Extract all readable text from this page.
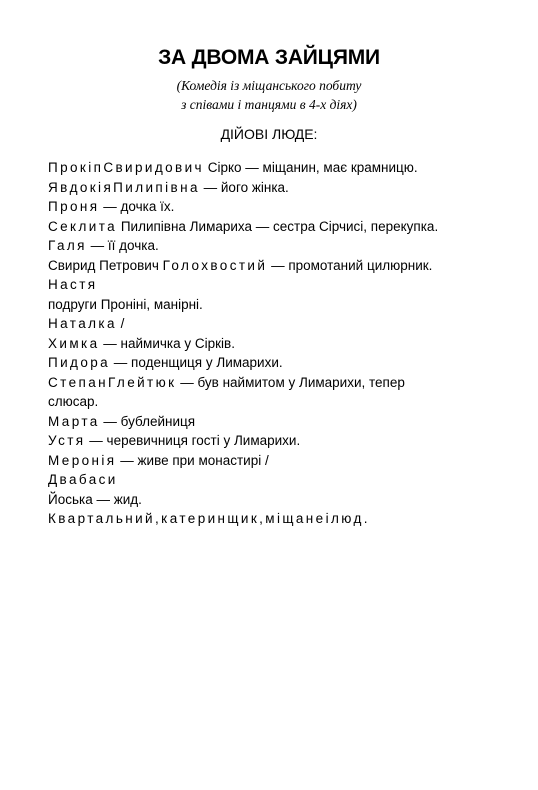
ЗА ДВОМА ЗАЙЦЯМИ
(Комедія із міщанського побиту
з співами і танцями в 4-х діях)
ДІЙОВІ ЛЮДЕ:
ПрокіпСвиридович Сірко — міщанин, має крамницю.
ЯвдокіяПилипівна — його жінка.
Проня — дочка їх.
Секлита Пилипівна Лимариха — сестра Сірчисі, перекупка.
Галя — її дочка.
Свирид Петрович Голохвостий — промотаний цилюрник.
Настя
подруги Проніні, манірні.
Наталка /
Химка — наймичка у Сірків.
Пидора — поденщиця у Лимарихи.
СтепанГлейтюк — був наймитом у Лимарихи, тепер
слюсар.
Марта — бублейниця
Устя — черевичниця гості у Лимарихи.
Меронія — живе при монастирі /
Двабаси
Йоська — жид.
Квартальний,катеринщик,міщанеілюд.
